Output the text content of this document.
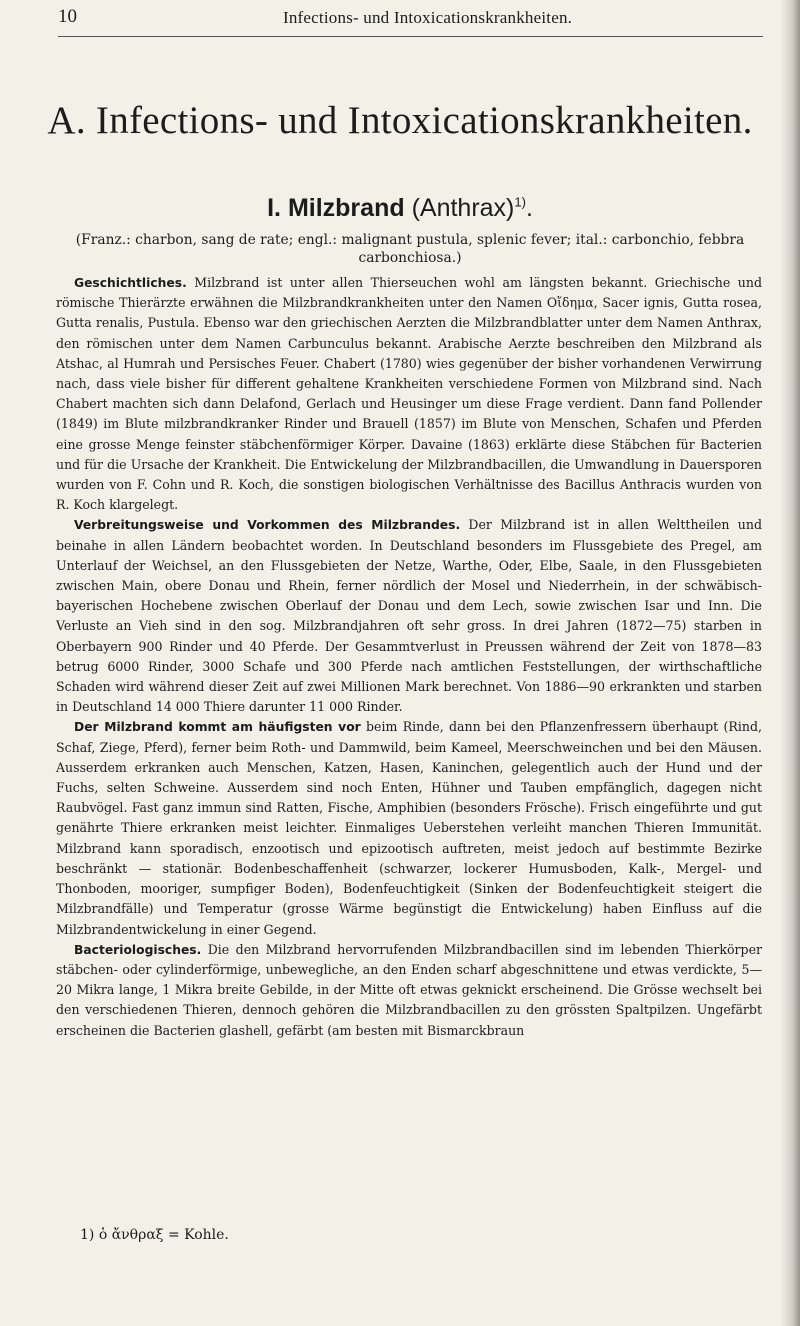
10	Infections- und Intoxicationskrankheiten.
A. Infections- und Intoxicationskrankheiten.
I. Milzbrand (Anthrax)$^{1)}$.
(Franz.: charbon, sang de rate; engl.: malignant pustula, splenic fever; ital.: carbonchio, febbra carbonchiosa.)

Geschichtliches. Milzbrand ist unter allen Thierseuchen wohl am längsten bekannt. Griechische und römische Thierärzte erwähnen die Milzbrandkrankheiten unter den Namen Οἴδημα, Sacer ignis, Gutta rosea, Gutta renalis, Pustula. Ebenso war den griechischen Aerzten die Milzbrandblatter unter dem Namen Anthrax, den römischen unter dem Namen Carbunculus bekannt. Arabische Aerzte beschreiben den Milzbrand als Atshac, al Humrah und Persisches Feuer. Chabert (1780) wies gegenüber der bisher vorhandenen Verwirrung nach, dass viele bisher für different gehaltene Krankheiten verschiedene Formen von Milzbrand sind. Nach Chabert machten sich dann Delafond, Gerlach und Heusinger um diese Frage verdient. Dann fand Pollender (1849) im Blute milzbrandkranker Rinder und Brauell (1857) im Blute von Menschen, Schafen und Pferden eine grosse Menge feinster stäbchenförmiger Körper. Davaine (1863) erklärte diese Stäbchen für Bacterien und für die Ursache der Krankheit. Die Entwickelung der Milzbrandbacillen, die Umwandlung in Dauersporen wurden von F. Cohn und R. Koch, die sonstigen biologischen Verhältnisse des Bacillus Anthracis wurden von R. Koch klargelegt.

Verbreitungsweise und Vorkommen des Milzbrandes. Der Milzbrand ist in allen Welttheilen und beinahe in allen Ländern beobachtet worden. In Deutschland besonders im Flussgebiete des Pregel, am Unterlauf der Weichsel, an den Flussgebieten der Netze, Warthe, Oder, Elbe, Saale, in den Flussgebieten zwischen Main, obere Donau und Rhein, ferner nördlich der Mosel und Niederrhein, in der schwäbisch-bayerischen Hochebene zwischen Oberlauf der Donau und dem Lech, sowie zwischen Isar und Inn. Die Verluste an Vieh sind in den sog. Milzbrandjahren oft sehr gross. In drei Jahren (1872—75) starben in Oberbayern 900 Rinder und 40 Pferde. Der Gesammtverlust in Preussen während der Zeit von 1878—83 betrug 6000 Rinder, 3000 Schafe und 300 Pferde nach amtlichen Feststellungen, der wirthschaftliche Schaden wird während dieser Zeit auf zwei Millionen Mark berechnet. Von 1886—90 erkrankten und starben in Deutschland 14 000 Thiere darunter 11 000 Rinder.

Der Milzbrand kommt am häufigsten vor beim Rinde, dann bei den Pflanzenfressern überhaupt (Rind, Schaf, Ziege, Pferd), ferner beim Roth- und Dammwild, beim Kameel, Meerschweinchen und bei den Mäusen. Ausserdem erkranken auch Menschen, Katzen, Hasen, Kaninchen, gelegentlich auch der Hund und der Fuchs, selten Schweine. Ausserdem sind noch Enten, Hühner und Tauben empfänglich, dagegen nicht Raubvögel. Fast ganz immun sind Ratten, Fische, Amphibien (besonders Frösche). Frisch eingeführte und gut genährte Thiere erkranken meist leichter. Einmaliges Ueberstehen verleiht manchen Thieren Immunität. Milzbrand kann sporadisch, enzootisch und epizootisch auftreten, meist jedoch auf bestimmte Bezirke beschränkt — stationär. Bodenbeschaffenheit (schwarzer, lockerer Humusboden, Kalk-, Mergel- und Thonboden, mooriger, sumpfiger Boden), Bodenfeuchtigkeit (Sinken der Bodenfeuchtigkeit steigert die Milzbrandfälle) und Temperatur (grosse Wärme begünstigt die Entwickelung) haben Einfluss auf die Milzbrandentwickelung in einer Gegend.

Bacteriologisches. Die den Milzbrand hervorrufenden Milzbrandbacillen sind im lebenden Thierkörper stäbchen- oder cylinderförmige, unbewegliche, an den Enden scharf abgeschnittene und etwas verdickte, 5—20 Mikra lange, 1 Mikra breite Gebilde, in der Mitte oft etwas geknickt erscheinend. Die Grösse wechselt bei den verschiedenen Thieren, dennoch gehören die Milzbrandbacillen zu den grössten Spaltpilzen. Ungefärbt erscheinen die Bacterien glashell, gefärbt (am besten mit Bismarckbraun

1) ὁ ἄνθραξ = Kohle.
